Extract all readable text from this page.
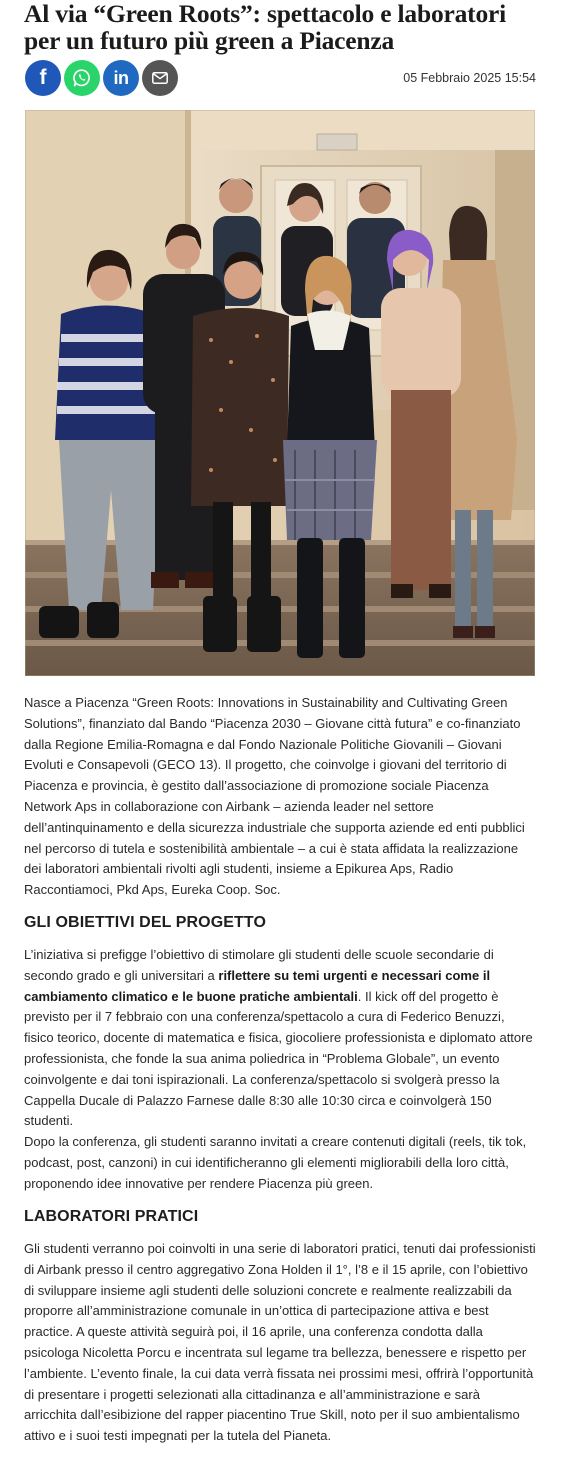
Al via “Green Roots”: spettacolo e laboratori per un futuro più green a Piacenza
f	in	05 Febbraio 2025 15:54

Nasce a Piacenza “Green Roots: Innovations in Sustainability and Cultivating Green Solutions”, finanziato dal Bando “Piacenza 2030 – Giovane città futura” e co-finanziato dalla Regione Emilia-Romagna e dal Fondo Nazionale Politiche Giovanili – Giovani Evoluti e Consapevoli (GECO 13). Il progetto, che coinvolge i giovani del territorio di Piacenza e provincia, è gestito dall’associazione di promozione sociale Piacenza Network Aps in collaborazione con Airbank – azienda leader nel settore dell’antinquinamento e della sicurezza industriale che supporta aziende ed enti pubblici nel percorso di tutela e sostenibilità ambientale – a cui è stata affidata la realizzazione dei laboratori ambientali rivolti agli studenti, insieme a Epikurea Aps, Radio Raccontiamoci, Pkd Aps, Eureka Coop. Soc.

GLI OBIETTIVI DEL PROGETTO

L’iniziativa si prefigge l’obiettivo di stimolare gli studenti delle scuole secondarie di secondo grado e gli universitari a riflettere su temi urgenti e necessari come il cambiamento climatico e le buone pratiche ambientali. Il kick off del progetto è previsto per il 7 febbraio con una conferenza/spettacolo a cura di Federico Benuzzi, fisico teorico, docente di matematica e fisica, giocoliere professionista e diplomato attore professionista, che fonde la sua anima poliedrica in “Problema Globale”, un evento coinvolgente e dai toni ispirazionali. La conferenza/spettacolo si svolgerà presso la Cappella Ducale di Palazzo Farnese dalle 8:30 alle 10:30 circa e coinvolgerà 150 studenti.

Dopo la conferenza, gli studenti saranno invitati a creare contenuti digitali (reels, tik tok, podcast, post, canzoni) in cui identificheranno gli elementi migliorabili della loro città, proponendo idee innovative per rendere Piacenza più green.

LABORATORI PRATICI

Gli studenti verranno poi coinvolti in una serie di laboratori pratici, tenuti dai professionisti di Airbank presso il centro aggregativo Zona Holden il 1°, l’8 e il 15 aprile, con l’obiettivo di sviluppare insieme agli studenti delle soluzioni concrete e realmente realizzabili da proporre all’amministrazione comunale in un’ottica di partecipazione attiva e best practice. A queste attività seguirà poi, il 16 aprile, una conferenza condotta dalla psicologa Nicoletta Porcu e incentrata sul legame tra bellezza, benessere e rispetto per l’ambiente. L’evento finale, la cui data verrà fissata nei prossimi mesi, offrirà l’opportunità di presentare i progetti selezionati alla cittadinanza e all’amministrazione e sarà arricchita dall’esibizione del rapper piacentino True Skill, noto per il suo ambientalismo attivo e i suoi testi impegnati per la tutela del Pianeta.
